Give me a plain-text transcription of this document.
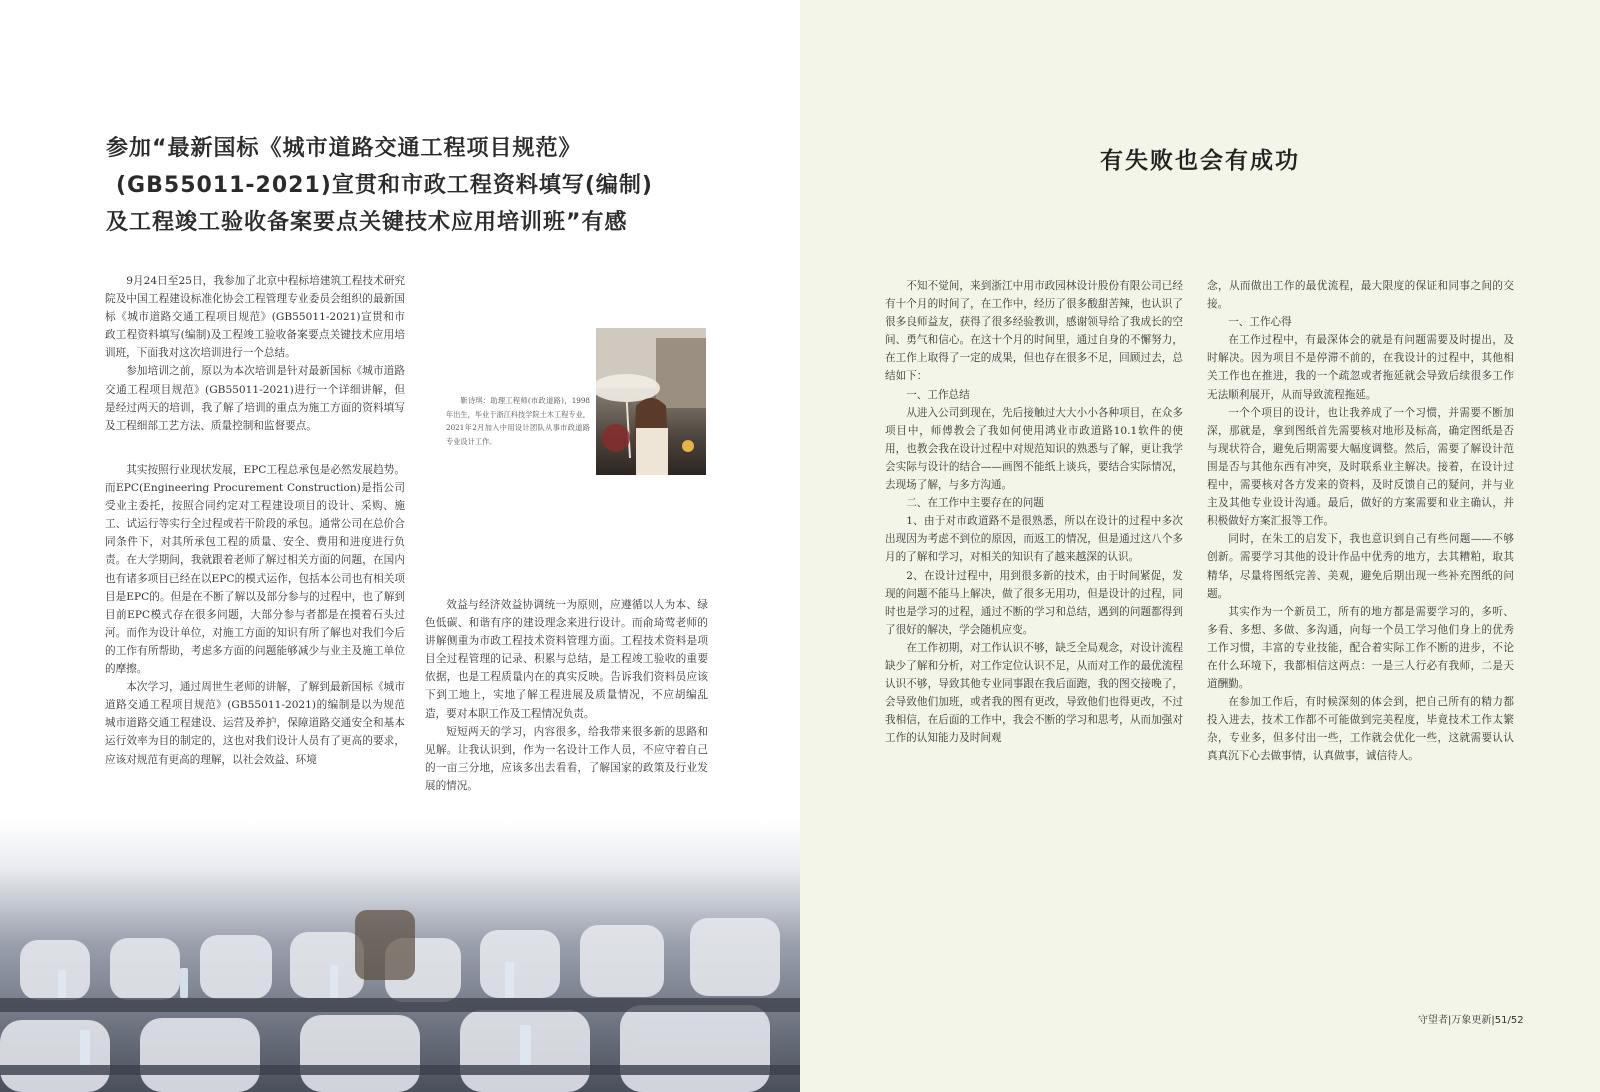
参加“最新国标《城市道路交通工程项目规范》
(GB55011-2021)宣贯和市政工程资料填写(编制)
及工程竣工验收备案要点关键技术应用培训班”有感

9月24日至25日，我参加了北京中程标培建筑工程技术研究院及中国工程建设标准化协会工程管理专业委员会组织的最新国标《城市道路交通工程项目规范》(GB55011-2021)宣贯和市政工程资料填写(编制)及工程竣工验收备案要点关键技术应用培训班，下面我对这次培训进行一个总结。

参加培训之前，原以为本次培训是针对最新国标《城市道路交通工程项目规范》(GB55011-2021)进行一个详细讲解，但是经过两天的培训，我了解了培训的重点为施工方面的资料填写及工程细部工艺方法、质量控制和监督要点。

其实按照行业现状发展，EPC工程总承包是必然发展趋势。而EPC(Engineering Procurement Construction)是指公司受业主委托，按照合同约定对工程建设项目的设计、采购、施工、试运行等实行全过程或若干阶段的承包。通常公司在总价合同条件下，对其所承包工程的质量、安全、费用和进度进行负责。在大学期间，我就跟着老师了解过相关方面的问题，在国内也有诸多项目已经在以EPC的模式运作，包括本公司也有相关项目是EPC的。但是在不断了解以及部分参与的过程中，也了解到目前EPC模式存在很多问题，大部分参与者都是在摸着石头过河。而作为设计单位，对施工方面的知识有所了解也对我们今后的工作有所帮助，考虑多方面的问题能够减少与业主及施工单位的摩擦。

本次学习，通过周世生老师的讲解，了解到最新国标《城市道路交通工程项目规范》(GB55011-2021)的编制是以为规范城市道路交通工程建设、运营及养护，保障道路交通安全和基本运行效率为目的制定的，这也对我们设计人员有了更高的要求，应该对规范有更高的理解，以社会效益、环境

靳诗琪：助理工程师(市政道路)，1998年出生，毕业于浙江科技学院土木工程专业，2021年2月加入中用设计团队从事市政道路专业设计工作。

效益与经济效益协调统一为原则，应遵循以人为本、绿色低碳、和谐有序的建设理念来进行设计。而俞琦莺老师的讲解侧重为市政工程技术资料管理方面。工程技术资料是项目全过程管理的记录、积累与总结，是工程竣工验收的重要依据，也是工程质量内在的真实反映。告诉我们资料员应该下到工地上，实地了解工程进展及质量情况，不应胡编乱造，要对本职工作及工程情况负责。

短短两天的学习，内容很多，给我带来很多新的思路和见解。让我认识到，作为一名设计工作人员，不应守着自己的一亩三分地，应该多出去看看，了解国家的政策及行业发展的情况。

有失败也会有成功

不知不觉间，来到浙江中用市政园林设计股份有限公司已经有十个月的时间了，在工作中，经历了很多酸甜苦辣，也认识了很多良师益友，获得了很多经验教训，感谢领导给了我成长的空间、勇气和信心。在这十个月的时间里，通过自身的不懈努力，在工作上取得了一定的成果，但也存在很多不足，回顾过去，总结如下：

一、工作总结

从进入公司到现在，先后接触过大大小小各种项目，在众多项目中，师傅教会了我如何使用鸿业市政道路10.1软件的使用，也教会我在设计过程中对规范知识的熟悉与了解，更让我学会实际与设计的结合——画图不能纸上谈兵，要结合实际情况，去现场了解，与多方沟通。

二、在工作中主要存在的问题

1、由于对市政道路不是很熟悉，所以在设计的过程中多次出现因为考虑不到位的原因，而返工的情况，但是通过这八个多月的了解和学习，对相关的知识有了越来越深的认识。

2、在设计过程中，用到很多新的技术，由于时间紧促，发现的问题不能马上解决，做了很多无用功，但是设计的过程，同时也是学习的过程，通过不断的学习和总结，遇到的问题都得到了很好的解决，学会随机应变。

在工作初期，对工作认识不够，缺乏全局观念，对设计流程缺少了解和分析，对工作定位认识不足，从而对工作的最优流程认识不够，导致其他专业同事跟在我后面跑，我的图交接晚了，会导致他们加班，或者我的图有更改，导致他们也得更改，不过我相信，在后面的工作中，我会不断的学习和思考，从而加强对工作的认知能力及时间观

念，从而做出工作的最优流程，最大限度的保证和同事之间的交接。

一、工作心得

在工作过程中，有最深体会的就是有问题需要及时提出，及时解决。因为项目不是停滞不前的，在我设计的过程中，其他相关工作也在推进，我的一个疏忽或者拖延就会导致后续很多工作无法顺利展开，从而导致流程拖延。

一个个项目的设计，也让我养成了一个习惯，并需要不断加深，那就是，拿到图纸首先需要核对地形及标高，确定图纸是否与现状符合，避免后期需要大幅度调整。然后，需要了解设计范围是否与其他东西有冲突，及时联系业主解决。接着，在设计过程中，需要核对各方发来的资料，及时反馈自己的疑问，并与业主及其他专业设计沟通。最后，做好的方案需要和业主确认，并积极做好方案汇报等工作。

同时，在朱工的启发下，我也意识到自己有些问题——不够创新。需要学习其他的设计作品中优秀的地方，去其糟粕，取其精华，尽量将图纸完善、美观，避免后期出现一些补充图纸的问题。

其实作为一个新员工，所有的地方都是需要学习的，多听、多看、多想、多做、多沟通，向每一个员工学习他们身上的优秀工作习惯，丰富的专业技能，配合着实际工作不断的进步，不论在什么环境下，我都相信这两点：一是三人行必有我师，二是天道酬勤。

在参加工作后，有时候深刻的体会到，把自己所有的精力都投入进去，技术工作都不可能做到完美程度，毕竟技术工作太繁杂，专业多，但多付出一些，工作就会优化一些，这就需要认认真真沉下心去做事情，认真做事，诚信待人。

守望者|万象更新|51/52
